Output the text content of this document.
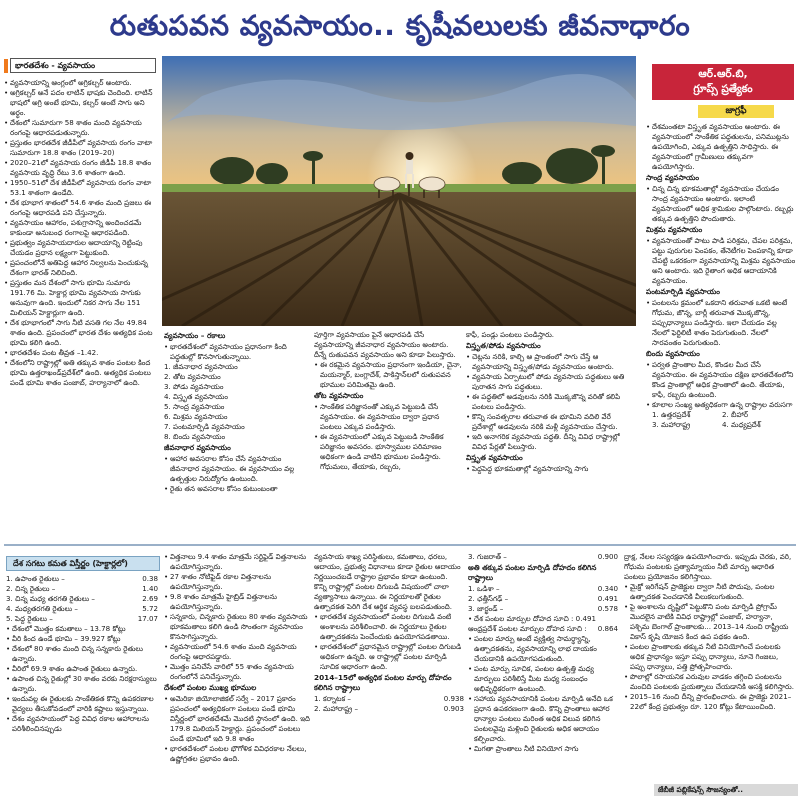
రుతుపవన వ్యవసాయం.. కృషీవలులకు జీవనాధారం
భారతదేశం - వ్యవసాయం

• వ్యవసాయాన్ని ఆంగ్లంలో అగ్రికల్చర్ అంటారు.

• అగ్రికల్చర్ అనే పదం లాటిన్ భాషకు చెందింది. లాటిన్ భాషలో అగ్రి అంటే భూమి, కల్చర్ అంటే సాగు అని అర్థం.

• దేశంలో సుమారుగా 58 శాతం మంది వ్యవసాయ రంగంపై ఆధారపడుతున్నారు.

• ప్రస్తుతం భారతదేశ జీడీపీలో వ్యవసాయ రంగం వాటా సుమారుగా 18.8 శాతం (2019–20)

• 2020–21లో వ్యవసాయ రంగం జీడీపీ 18.8 శాతం వ్యవసాయ వృద్ధి రేటు 3.6 శాతంగా ఉంది.

• 1950–51లో దేశ జీడీపీలో వ్యవసాయ రంగం వాటా 53.1 శాతంగా ఉండేది.

• దేశ భూభాగ శాతంలో 54.6 శాతం మంది ప్రజలు ఈ రంగంపై ఆధారపడి పని చేస్తున్నారు.

• వ్యవసాయం ఆహారం, పశుగ్రాసాన్ని అందించడమే కాకుండా అనుబంధ రంగాలపై ఆధారపడింది.

• ప్రభుత్వం వ్యవసాయదారుల ఆదాయాన్ని రెట్టింపు చేయడం ప్రధాన లక్ష్యంగా పెట్టుకుంది.

• ప్రపంచంలోనే అతిపెద్ద ఆహార నిల్వలను పెంచుకున్న దేశంగా భారత్ నిలిచింది.

• ప్రస్తుతం మన దేశంలో సాగు భూమి సుమారు 191.76 మి. హెక్టార్ల భూమి వ్యవసాయ సాగుకు అనువుగా ఉంది. ఇందులో నికర సాగు నేల 151 మిలియన్ హెక్టార్లుగా ఉంది.

• దేశ భూభాగంలో సాగు నీటి వసతి గల నేల 49.84 శాతం ఉంది. ప్రపంచంలో భారత దేశం అత్యధిక పంట భూమి కలిగి ఉంది.

• భారతదేశం పంట తీవ్రత –1.42.

• దేశంలోని రాష్ట్రాల్లో అతి తక్కువ శాతం పంటల కింద భూమి ఉత్తరాఖండ్‌ప్రదేశ్‌లో ఉంది. అత్యధిక పంటలు పండే భూమి శాతం పంజాబ్, హర్యానాలో ఉంది.

వ్యవసాయం – రకాలు

• భారతదేశంలో వ్యవసాయం ప్రధానంగా కింది పద్ధతుల్లో కొనసాగుతున్నాయి.

1. జీవనాధార వ్యవసాయం

2. తోట వ్యవసాయం

3. పోడు వ్యవసాయం

4. విస్తృత వ్యవసాయం

5. సాంద్ర వ్యవసాయం

6. మిశ్రమ వ్యవసాయం

7. పంటమార్పిడి వ్యవసాయం

8. బిందు వ్యవసాయం

జీవనాధార వ్యవసాయం

• ఆహార అవసరాల కోసం చేసే వ్యవసాయం జీవనాధార వ్యవసాయం. ఈ వ్యవసాయం వల్ల ఉత్పత్తుల నిరుద్యోగం ఉంటుంది.

• రైతు తన అవసరాల కోసం కుటుంబంతా

పూర్తిగా వ్యవసాయం పైనే ఆధారపడి చేసే వ్యవసాయాన్ని జీవనాధార వ్యవసాయం అంటారు. దీన్నే రుతుపవన వ్యవసాయం అని కూడా పిలుస్తారు.

• ఈ రకమైన వ్యవసాయం ప్రధానంగా ఇండియా, చైనా, మయన్మార్, బంగ్లాదేశ్, పాకిస్తాన్‌లలో రుతుపవన భూముల పరిమితమై ఉంది.

తోట వ్యవసాయం

• సాంకేతిక పరిజ్ఞానంతో ఎక్కువ పెట్టుబడి చేసే వ్యవసాయం. ఈ వ్యవసాయం ద్వారా ప్రధాన పంటలు ఎక్కువ పండిస్తారు.

• ఈ వ్యవసాయంలో ఎక్కువ పెట్టుబడి సాంకేతిక పరిజ్ఞానం అవసరం. భూస్వాముల పరిమాణం అధికంగా ఉండి వాటిని భూముల పండిస్తారు. గోధుమలు, తేయాకు, రబ్బరు,

కాఫీ, పండ్లు పంటలు పండిస్తారు.

విస్తృత/పోడు వ్యవసాయం

• చెట్లను నరికి, కాల్చి ఆ ప్రాంతంలో సాగు చేస్తే ఆ వ్యవసాయాన్ని విస్తృత/పోడు వ్యవసాయం అంటారు.

• వ్యవసాయ ఏర్పాటులో పోడు వ్యవసాయ పద్ధతులు అతి పురాతన సాగు పద్ధతులు.

• ఈ పద్ధతిలో అడవులను నరికి మొక్కజొన్న వరితో కలిపి పంటలు పండిస్తారు.

• కొన్ని సంవత్సరాల తరువాత ఈ భూమిని వదిలి వేరే ప్రదేశాల్లో అడవులను నరికి మళ్లీ వ్యవసాయం చేస్తారు.

• ఇది అనాగరిక వ్యవసాయ పద్ధతి. దీన్ని వివిధ రాష్ట్రాల్లో వివిధ పేర్లతో పిలుస్తారు.

విస్తృత వ్యవసాయం

• పెద్దపెద్ద భూకమతాల్లో వ్యవసాయాన్ని సాగు

ఆర్.ఆర్.బి,
గ్రూప్స్ ప్రత్యేకం
జాగ్రఫీ

• దేశమంతటా విస్తృత వ్యవసాయం అంటారు. ఈ వ్యవసాయంలో సాంకేతిక పద్ధతులను, పనిముట్లను ఉపయోగించి, ఎక్కువ ఉత్పత్తిని సాధిస్తారు. ఈ వ్యవసాయంలో గ్రామీణులు తక్కువగా ఉపయోగిస్తారు.

సాంద్ర వ్యవసాయం

• చిన్న చిన్న భూకమతాల్లో వ్యవసాయం చేయడం సాంద్ర వ్యవసాయం అంటారు. ఇలాంటి వ్యవసాయంలో అధిక శ్రామికుల పాల్గొంటారు. రబ్బర్లు తక్కువ ఉత్పత్తిని పొందుతారు.

మిశ్రమ వ్యవసాయం

• వ్యవసాయంతో పాటు పాడి పరిశ్రమ, చేపల పరిశ్రమ, పట్టు పురుగుల పెంపకం, తేనెటీగల పెంపకాన్ని కూడా చేపట్టి ఒకరకంగా వ్యవసాయాన్ని మిశ్రమ వ్యవసాయం అని అంటారు. ఇది రైతాంగ అధిక ఆదాయానికి వ్యవసాయం.

పంటమార్పిడి వ్యవసాయం

• పంటలను క్రమంలో ఒకదాని తరువాత ఒకటి అంటే గోధుమ, జొన్న, బార్లీ తరువాత మొక్కజొన్న, పప్పుధాన్యాలు పండిస్తారు. ఇలా చేయడం వల్ల నేలలో ఫెర్టిలిటీ శాతం పెరుగుతుంది. నేలలో సారవంతం పెరుగుతుంది.

బిందు వ్యవసాయం

• పర్వత ప్రాంతాల మీద, కొండల మీద చేసే వ్యవసాయం. ఈ వ్యవసాయం దక్షిణ భారతదేశంలోని కొండ ప్రాంతాల్లో అధిక ప్రాంతాలో ఉంది. తేయాకు, కాఫీ, రబ్బరు ఉంటుంది.

• కూలాల సంఖ్య అత్యధికంగా ఉన్న రాష్ట్రాల వరుసగా

1. ఉత్తరప్రదేశ్	2. బీహార్
3. మహారాష్ట్ర	4. మధ్యప్రదేశ్
దేశ సగటు కమత విస్తీర్ణం (హెక్టార్లలో)
1. ఉపాంత రైతులు –	0.38
2. చిన్న రైతులు –	1.40
3. చిన్న మధ్య తరగతి రైతులు –	2.69
4. మధ్యతరగతి రైతులు –	5.72
5. పెద్ద రైతులు –	17.07

• దేశంలో మొత్తం కమతాలు – 13.78 కోట్లు

• వీరి కింద ఉండే భూమి – 39.927 కోట్లు

• దేశంలో 80 శాతం మంది చిన్న సన్నకారు రైతులు ఉన్నారు.

• వీరిలో 69.9 శాతం ఉపాంత రైతులు ఉన్నారు.

• ఉపాంత చిన్న రైతుల్లో 30 శాతం వరకు నిరక్షరాస్యులు ఉన్నారు.

• ఇందువల్ల ఈ రైతులకు సాంకేతికత కొన్ని ఉపకరణాల వైద్యలు తీసుకోవడంలో వారికి కష్టాలు ఇస్తున్నాయి.

• దేశం వ్యవసాయంలో పెద్ద వివిధ రకాల ఆహారాలను పరిశీలించినప్పుడు

• విత్తనాలు 9.4 శాతం మాత్రమే సర్టిఫైడ్ విత్తనాలను ఉపయోగిస్తున్నారు.

• 27 శాతం నోటిఫైడ్ రకాల విత్తనాలను ఉపయోగిస్తున్నారు.

• 9.8 శాతం మాత్రమే హైబ్రిడ్ విత్తనాలను ఉపయోగిస్తున్నారు.

• సన్నకారు, చిన్నకారు రైతులు 80 శాతం వ్యవసాయ భూకమతాలు కలిగి ఉండి సొంతంగా వ్యవసాయం కొనసాగిస్తున్నారు.

• వ్యవసాయంలో 54.6 శాతం మంది వ్యవసాయ రంగంపై ఆధారపడ్డారు.

• మొత్తం పనిచేసే వారిలో 55 శాతం వ్యవసాయ రంగంలోనే పనిచేస్తున్నారు.

దేశంలో పంటల ముఖ్య భూముల

• అమెరికా జియోలాజికల్ సర్వే – 2017 ప్రకారం ప్రపంచంలో అత్యధికంగా పంటలు పండే భూమి విస్తీర్ణంలో భారతదేశమే మొదటి స్థానంలో ఉంది. ఇది 179.8 మిలియన్ హెక్టార్లు. ప్రపంచంలో పంటలు పండే భూమిలో ఇది 9.8 శాతం

• భారతదేశంలో పంటల భౌగోళిక వివిధరకాల నేలలు, ఉష్ణోగ్రతల ప్రభావం ఉంది.

వ్యవసాయ శాఖ్య పరిస్థితులు, కమతాలు, ధరలు, ఆదాయం, ప్రభుత్వ విధానాలు కూడా రైతుల ఆదాయం నిర్ణయించబడే రాష్ట్రాల ప్రభావం కూడా ఉంటుంది.

కొన్ని రాష్ట్రాల్లో పంటల దిగుబడి విషయంలో చాలా వ్యత్యాసాలు ఉన్నాయి. ఈ నిర్ణయాలతో రైతుల ఉత్పాదకత పెరిగి దేశ ఆర్థిక వ్యవస్థ బలపడుతుంది.

• భారతదేశ వ్యవసాయంలో పంటల దిగుబడి వంటి అంశాలను పరిశీలించాలి. ఈ నిర్ణయాలు రైతుల ఉత్పాదకతను పెంచేందుకు ఉపయోగపడతాయి.

• భారతదేశంలో ప్రధానమైన రాష్ట్రాల్లో పంటల దిగుబడి అధికంగా ఉన్నది. ఆ రాష్ట్రాల్లో పంటల మార్పిడి సూచిక ఆధారంగా ఉంది.

2014–15లో అత్యధిక పంటల మార్పు దోహదం కలిగిన రాష్ట్రాలు
1. కర్నాటక –	0.938
2. మహారాష్ట్ర –	0.903
3. గుజరాత్ –	0.900
అతి తక్కువ పంటల మార్పిడి దోహదం కలిగిన రాష్ట్రాలు
1. ఒడిశా –	0.340
2. ఛత్తీస్‌గఢ్ –	0.491
3. జార్ఖండ్ –	0.578

• దేశ పంటల మార్పుల దోహద సూచి : 0.491

ఆంధ్రప్రదేశ్ పంటల మార్పుల దోహద సూచి : 0.864

• పంటల మార్పు అంటే వ్యక్తిత్వ సామర్థ్యాన్ని, ఉత్పాదకతను, వ్యవసాయాన్ని లాభ దాయకం చేయడానికి ఉపయోగపడుతుంది.

• పంట మార్పు సూచిక, పంటల ఉత్పత్తి మధ్య మార్పులు పరిశీలిస్తే మీట మధ్య సంబంధం అభివృద్ధికరంగా ఉంటుంది.

• సహాయ వ్యవసాయానికి పంటల మార్పిడి అనేది ఒక ప్రధాన ఉపకరణంగా ఉంది. కొన్ని ప్రాంతాలు ఆహార ధాన్యాల పంటలు మరింత అధిక విలువ కలిగిన పంటలవైపు మళ్లించి రైతులకు అధిక ఆదాయం కల్పించారు.

• మిగతా ప్రాంతాలు నీటి వినియోగ సాగు

ద్రాక్ష, నేలల సస్యరక్షణ ఉపయోగించారు. ఇప్పుడు చెరకు, వరి, గోధుమ పంటలకు ప్రత్యామ్నాయం నీటి మార్పు ఆధారిత పంటలు ప్రయోజనం కలిగిస్తాయి.

• మైక్రో ఇరిగేషన్ ప్రాజెక్టుల ద్వారా నీటి పొదుపు, పంటల ఉత్పాదకత పెంచడానికి వీలుకలుగుతుంది.

• పై అంశాలను దృష్టిలో పెట్టుకొని పంట మార్పిడి ప్రోగ్రామ్ మొదలైన వాటికి వివిధ రాష్ట్రాల్లో పంజాబ్, హర్యానా, పశ్చిమ బెంగాల్ ప్రాంతాలకు... 2013–14 నుంచి రాష్ట్రీయ వికాస్ కృషి యోజన కింద ఉప పథకం ఉంది.

• పంటల ప్రాంతాలకు తక్కువ నీటి వినియోగించే పంటలకు అధిక ప్రాధాన్యం ఇస్తూ పప్పు ధాన్యాలు, నూనె గింజలు, పప్పు ధాన్యాలు, పత్తి ప్రోత్సహించారు.

• పొలాల్లో రసాయనిక ఎరువుల వాడకం తగ్గించి పంటలను మంచిది పంటలకు ప్రయత్నాలు చేయడానికి ఆసక్తి కలిగిస్తారు.

• 2015–16 నుంచి దీన్ని ప్రారంభించారు. ఈ ప్రాజెక్టు 2021–22లో కేంద్ర ప్రభుత్వం రూ. 120 కోట్లు కేటాయించింది.

జేబీజీ పబ్లికేషన్స్ సౌజన్యంతో..
